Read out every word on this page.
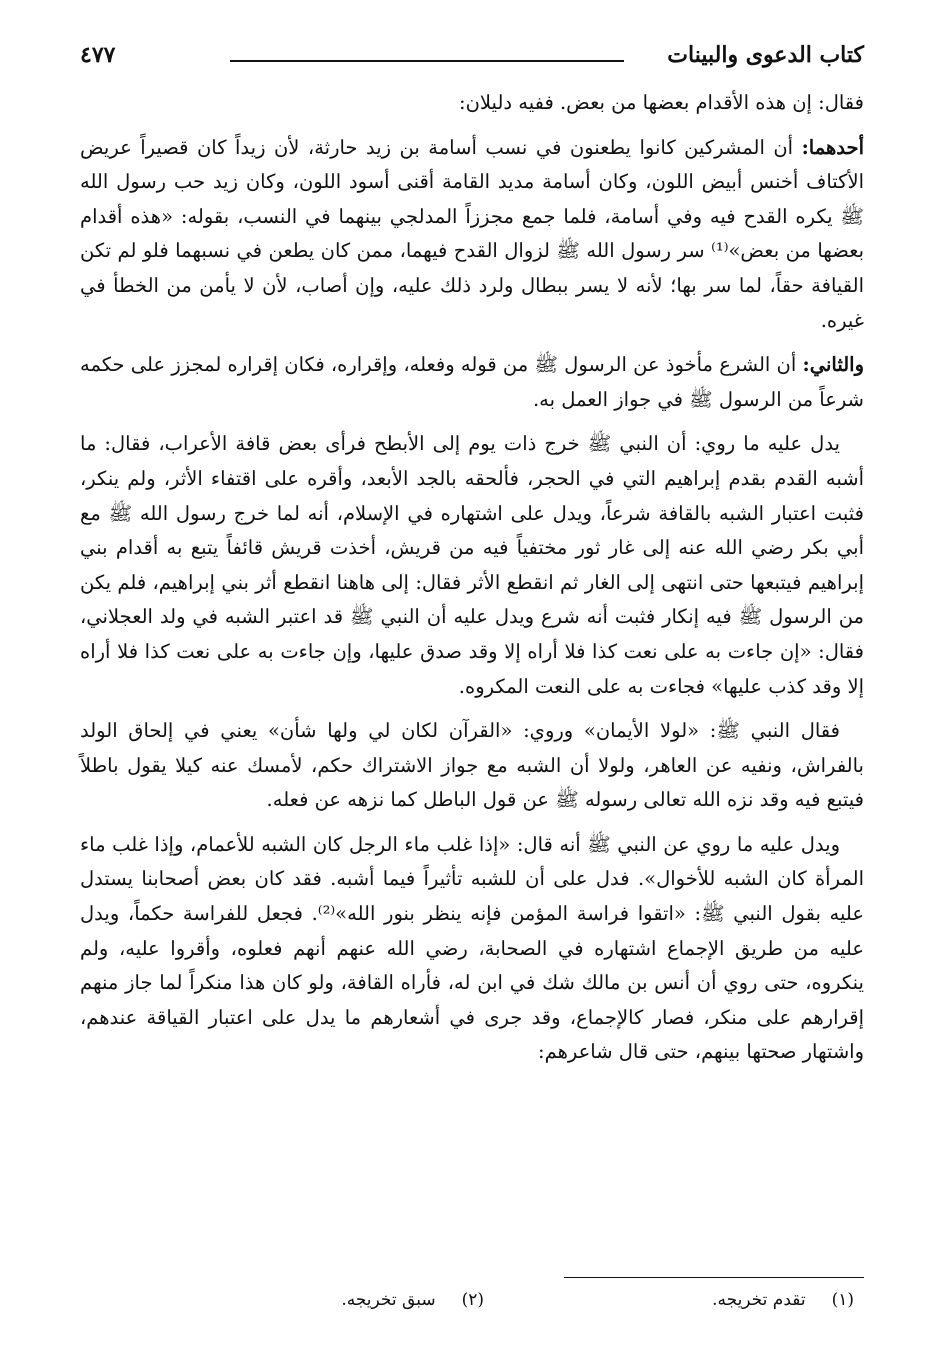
كتاب الدعوى والبينات
٤٧٧

فقال: إن هذه الأقدام بعضها من بعض. ففيه دليلان:

أحدهما: أن المشركين كانوا يطعنون في نسب أسامة بن زيد حارثة، لأن زيداً كان قصيراً عريض الأكتاف أخنس أبيض اللون، وكان أسامة مديد القامة أقنى أسود اللون، وكان زيد حب رسول الله ﷺ يكره القدح فيه وفي أسامة، فلما جمع مجززاً المدلجي بينهما في النسب، بقوله: «هذه أقدام بعضها من بعض»⁽¹⁾ سر رسول الله ﷺ لزوال القدح فيهما، ممن كان يطعن في نسبهما فلو لم تكن القيافة حقاً، لما سر بها؛ لأنه لا يسر ببطال ولرد ذلك عليه، وإن أصاب، لأن لا يأمن من الخطأ في غيره.

والثاني: أن الشرع مأخوذ عن الرسول ﷺ من قوله وفعله، وإقراره، فكان إقراره لمجزز على حكمه شرعاً من الرسول ﷺ في جواز العمل به.

يدل عليه ما روي: أن النبي ﷺ خرج ذات يوم إلى الأبطح فرأى بعض قافة الأعراب، فقال: ما أشبه القدم بقدم إبراهيم التي في الحجر، فألحقه بالجد الأبعد، وأقره على اقتفاء الأثر، ولم ينكر، فثبت اعتبار الشبه بالقافة شرعاً، ويدل على اشتهاره في الإسلام، أنه لما خرج رسول الله ﷺ مع أبي بكر رضي الله عنه إلى غار ثور مختفياً فيه من قريش، أخذت قريش قائفاً يتبع به أقدام بني إبراهيم فيتبعها حتى انتهى إلى الغار ثم انقطع الأثر فقال: إلى هاهنا انقطع أثر بني إبراهيم، فلم يكن من الرسول ﷺ فيه إنكار فثبت أنه شرع ويدل عليه أن النبي ﷺ قد اعتبر الشبه في ولد العجلاني، فقال: «إن جاءت به على نعت كذا فلا أراه إلا وقد صدق عليها، وإن جاءت به على نعت كذا فلا أراه إلا وقد كذب عليها» فجاءت به على النعت المكروه.

فقال النبي ﷺ: «لولا الأيمان» وروي: «القرآن لكان لي ولها شأن» يعني في إلحاق الولد بالفراش، ونفيه عن العاهر، ولولا أن الشبه مع جواز الاشتراك حكم، لأمسك عنه كيلا يقول باطلاً فيتبع فيه وقد نزه الله تعالى رسوله ﷺ عن قول الباطل كما نزهه عن فعله.

ويدل عليه ما روي عن النبي ﷺ أنه قال: «إذا غلب ماء الرجل كان الشبه للأعمام، وإذا غلب ماء المرأة كان الشبه للأخوال». فدل على أن للشبه تأثيراً فيما أشبه. فقد كان بعض أصحابنا يستدل عليه بقول النبي ﷺ: «اتقوا فراسة المؤمن فإنه ينظر بنور الله»⁽²⁾. فجعل للفراسة حكماً، ويدل عليه من طريق الإجماع اشتهاره في الصحابة، رضي الله عنهم أنهم فعلوه، وأقروا عليه، ولم ينكروه، حتى روي أن أنس بن مالك شك في ابن له، فأراه القافة، ولو كان هذا منكراً لما جاز منهم إقرارهم على منكر، فصار كالإجماع، وقد جرى في أشعارهم ما يدل على اعتبار القياقة عندهم، واشتهار صحتها بينهم، حتى قال شاعرهم:

(١)تقدم تخريجه.
(٢)سبق تخريجه.
